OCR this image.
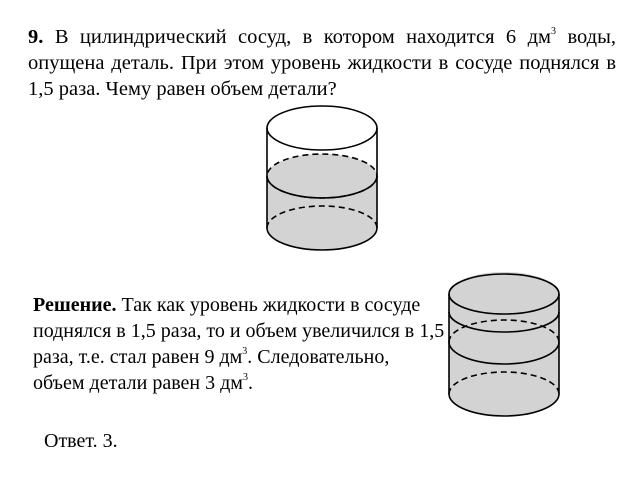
9. В цилиндрический сосуд, в котором находится 6 $дм^3$ воды, опущена деталь. При этом уровень жидкости в сосуде поднялся в 1,5 раза. Чему равен объем детали?

Решение. Так как уровень жидкости в сосуде поднялся в 1,5 раза, то и объем увеличился в 1,5 раза, т.е. стал равен 9 $дм^3$. Следовательно, объем детали равен 3 $дм^3$.

Ответ. 3.
